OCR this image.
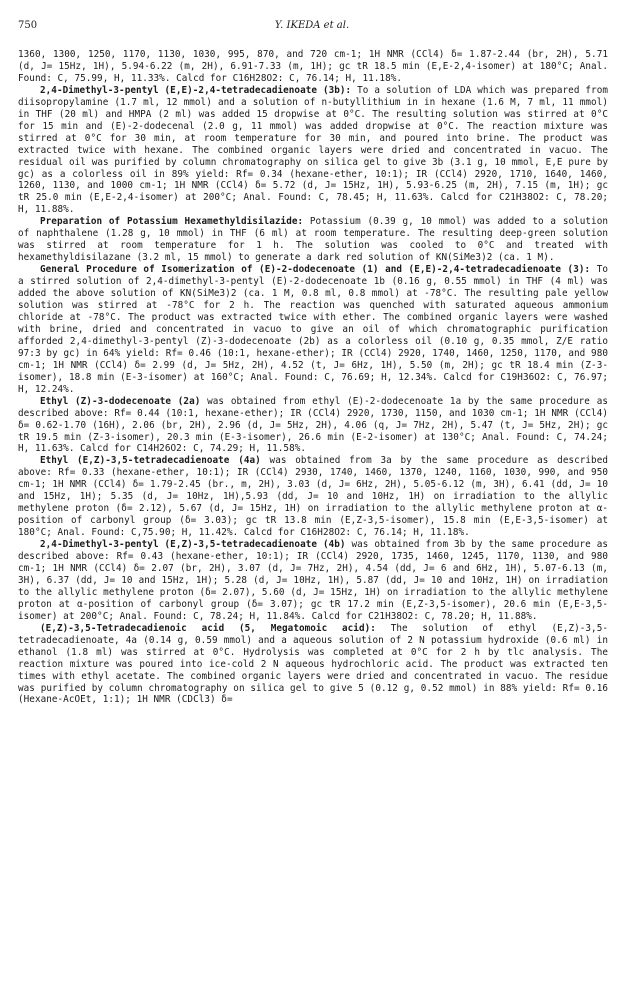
750	Y. IKEDA et al.

1360, 1300, 1250, 1170, 1130, 1030, 995, 870, and 720 cm-1; 1H NMR (CCl4) δ= 1.87-2.44 (br, 2H), 5.71 (d, J= 15Hz, 1H), 5.94-6.22 (m, 2H), 6.91-7.33 (m, 1H); gc tR 18.5 min (E,E-2,4-isomer) at 180°C; Anal. Found: C, 75.99, H, 11.33%. Calcd for C16H28O2: C, 76.14; H, 11.18%.

2,4-Dimethyl-3-pentyl (E,E)-2,4-tetradecadienoate (3b): To a solution of LDA which was prepared from diisopropylamine (1.7 ml, 12 mmol) and a solution of n-butyllithium in in hexane (1.6 M, 7 ml, 11 mmol) in THF (20 ml) and HMPA (2 ml) was added 15 dropwise at 0°C. The resulting solution was stirred at 0°C for 15 min and (E)-2-dodecenal (2.0 g, 11 mmol) was added dropwise at 0°C. The reaction mixture was stirred at 0°C for 30 min, at room temperature for 30 min, and poured into brine. The product was extracted twice with hexane. The combined organic layers were dried and concentrated in vacuo. The residual oil was purified by column chromatography on silica gel to give 3b (3.1 g, 10 mmol, E,E pure by gc) as a colorless oil in 89% yield: Rf= 0.34 (hexane-ether, 10:1); IR (CCl4) 2920, 1710, 1640, 1460, 1260, 1130, and 1000 cm-1; 1H NMR (CCl4) δ= 5.72 (d, J= 15Hz, 1H), 5.93-6.25 (m, 2H), 7.15 (m, 1H); gc tR 25.0 min (E,E-2,4-isomer) at 200°C; Anal. Found: C, 78.45; H, 11.63%. Calcd for C21H38O2: C, 78.20; H, 11.88%.

Preparation of Potassium Hexamethyldisilazide: Potassium (0.39 g, 10 mmol) was added to a solution of naphthalene (1.28 g, 10 mmol) in THF (6 ml) at room temperature. The resulting deep-green solution was stirred at room temperature for 1 h. The solution was cooled to 0°C and treated with hexamethyldisilazane (3.2 ml, 15 mmol) to generate a dark red solution of KN(SiMe3)2 (ca. 1 M).

General Procedure of Isomerization of (E)-2-dodecenoate (1) and (E,E)-2,4-tetradecadienoate (3): To a stirred solution of 2,4-dimethyl-3-pentyl (E)-2-dodecenoate 1b (0.16 g, 0.55 mmol) in THF (4 ml) was added the above solution of KN(SiMe3)2 (ca. 1 M, 0.8 ml, 0.8 mmol) at -78°C. The resulting pale yellow solution was stirred at -78°C for 2 h. The reaction was quenched with saturated aqueous ammonium chloride at -78°C. The product was extracted twice with ether. The combined organic layers were washed with brine, dried and concentrated in vacuo to give an oil of which chromatographic purification afforded 2,4-dimethyl-3-pentyl (Z)-3-dodecenoate (2b) as a colorless oil (0.10 g, 0.35 mmol, Z/E ratio 97:3 by gc) in 64% yield: Rf= 0.46 (10:1, hexane-ether); IR (CCl4) 2920, 1740, 1460, 1250, 1170, and 980 cm-1; 1H NMR (CCl4) δ= 2.99 (d, J= 5Hz, 2H), 4.52 (t, J= 6Hz, 1H), 5.50 (m, 2H); gc tR 18.4 min (Z-3-isomer), 18.8 min (E-3-isomer) at 160°C; Anal. Found: C, 76.69; H, 12.34%. Calcd for C19H36O2: C, 76.97; H, 12.24%.

Ethyl (Z)-3-dodecenoate (2a) was obtained from ethyl (E)-2-dodecenoate 1a by the same procedure as described above: Rf= 0.44 (10:1, hexane-ether); IR (CCl4) 2920, 1730, 1150, and 1030 cm-1; 1H NMR (CCl4) δ= 0.62-1.70 (16H), 2.06 (br, 2H), 2.96 (d, J= 5Hz, 2H), 4.06 (q, J= 7Hz, 2H), 5.47 (t, J= 5Hz, 2H); gc tR 19.5 min (Z-3-isomer), 20.3 min (E-3-isomer), 26.6 min (E-2-isomer) at 130°C; Anal. Found: C, 74.24; H, 11.63%. Calcd for C14H26O2: C, 74.29; H, 11.58%.

Ethyl (E,Z)-3,5-tetradecadienoate (4a) was obtained from 3a by the same procedure as described above: Rf= 0.33 (hexane-ether, 10:1); IR (CCl4) 2930, 1740, 1460, 1370, 1240, 1160, 1030, 990, and 950 cm-1; 1H NMR (CCl4) δ= 1.79-2.45 (br., m, 2H), 3.03 (d, J= 6Hz, 2H), 5.05-6.12 (m, 3H), 6.41 (dd, J= 10 and 15Hz, 1H); 5.35 (d, J= 10Hz, 1H),5.93 (dd, J= 10 and 10Hz, 1H) on irradiation to the allylic methylene proton (δ= 2.12), 5.67 (d, J= 15Hz, 1H) on irradiation to the allylic methylene proton at α-position of carbonyl group (δ= 3.03); gc tR 13.8 min (E,Z-3,5-isomer), 15.8 min (E,E-3,5-isomer) at 180°C; Anal. Found: C,75.90; H, 11.42%. Calcd for C16H28O2: C, 76.14; H, 11.18%.

2,4-Dimethyl-3-pentyl (E,Z)-3,5-tetradecadienoate (4b) was obtained from 3b by the same procedure as described above: Rf= 0.43 (hexane-ether, 10:1); IR (CCl4) 2920, 1735, 1460, 1245, 1170, 1130, and 980 cm-1; 1H NMR (CCl4) δ= 2.07 (br, 2H), 3.07 (d, J= 7Hz, 2H), 4.54 (dd, J= 6 and 6Hz, 1H), 5.07-6.13 (m, 3H), 6.37 (dd, J= 10 and 15Hz, 1H); 5.28 (d, J= 10Hz, 1H), 5.87 (dd, J= 10 and 10Hz, 1H) on irradiation to the allylic methylene proton (δ= 2.07), 5.60 (d, J= 15Hz, 1H) on irradiation to the allylic methylene proton at α-position of carbonyl group (δ= 3.07); gc tR 17.2 min (E,Z-3,5-isomer), 20.6 min (E,E-3,5-isomer) at 200°C; Anal. Found: C, 78.24; H, 11.84%. Calcd for C21H38O2: C, 78.20; H, 11.88%.

(E,Z)-3,5-Tetradecadienoic acid (5, Megatomoic acid): The solution of ethyl (E,Z)-3,5-tetradecadienoate, 4a (0.14 g, 0.59 mmol) and a aqueous solution of 2 N potassium hydroxide (0.6 ml) in ethanol (1.8 ml) was stirred at 0°C. Hydrolysis was completed at 0°C for 2 h by tlc analysis. The reaction mixture was poured into ice-cold 2 N aqueous hydrochloric acid. The product was extracted ten times with ethyl acetate. The combined organic layers were dried and concentrated in vacuo. The residue was purified by column chromatography on silica gel to give 5 (0.12 g, 0.52 mmol) in 88% yield: Rf= 0.16 (Hexane-AcOEt, 1:1); 1H NMR (CDCl3) δ=
